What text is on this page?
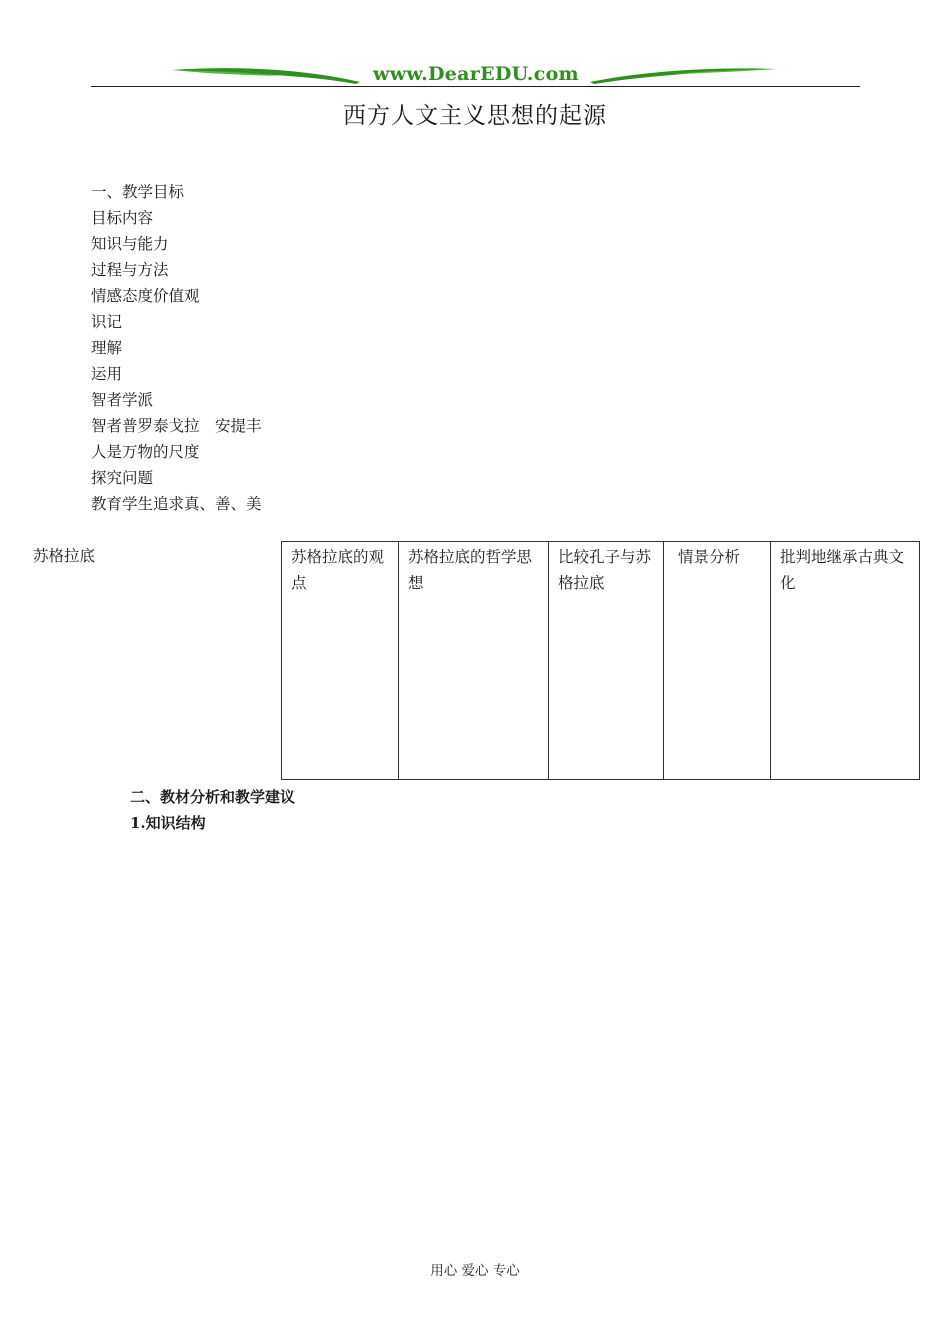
www.DearEDU.com
西方人文主义思想的起源
一、教学目标
目标内容
知识与能力
过程与方法
情感态度价值观
识记
理解
运用
智者学派
智者普罗泰戈拉　安提丰
人是万物的尺度
探究问题
教育学生追求真、善、美
苏格拉底	苏格拉底的观点	苏格拉底的哲学思想	比较孔子与苏格拉底	情景分析	批判地继承古典文化
二、教材分析和教学建议
1.知识结构
用心 爱心 专心
